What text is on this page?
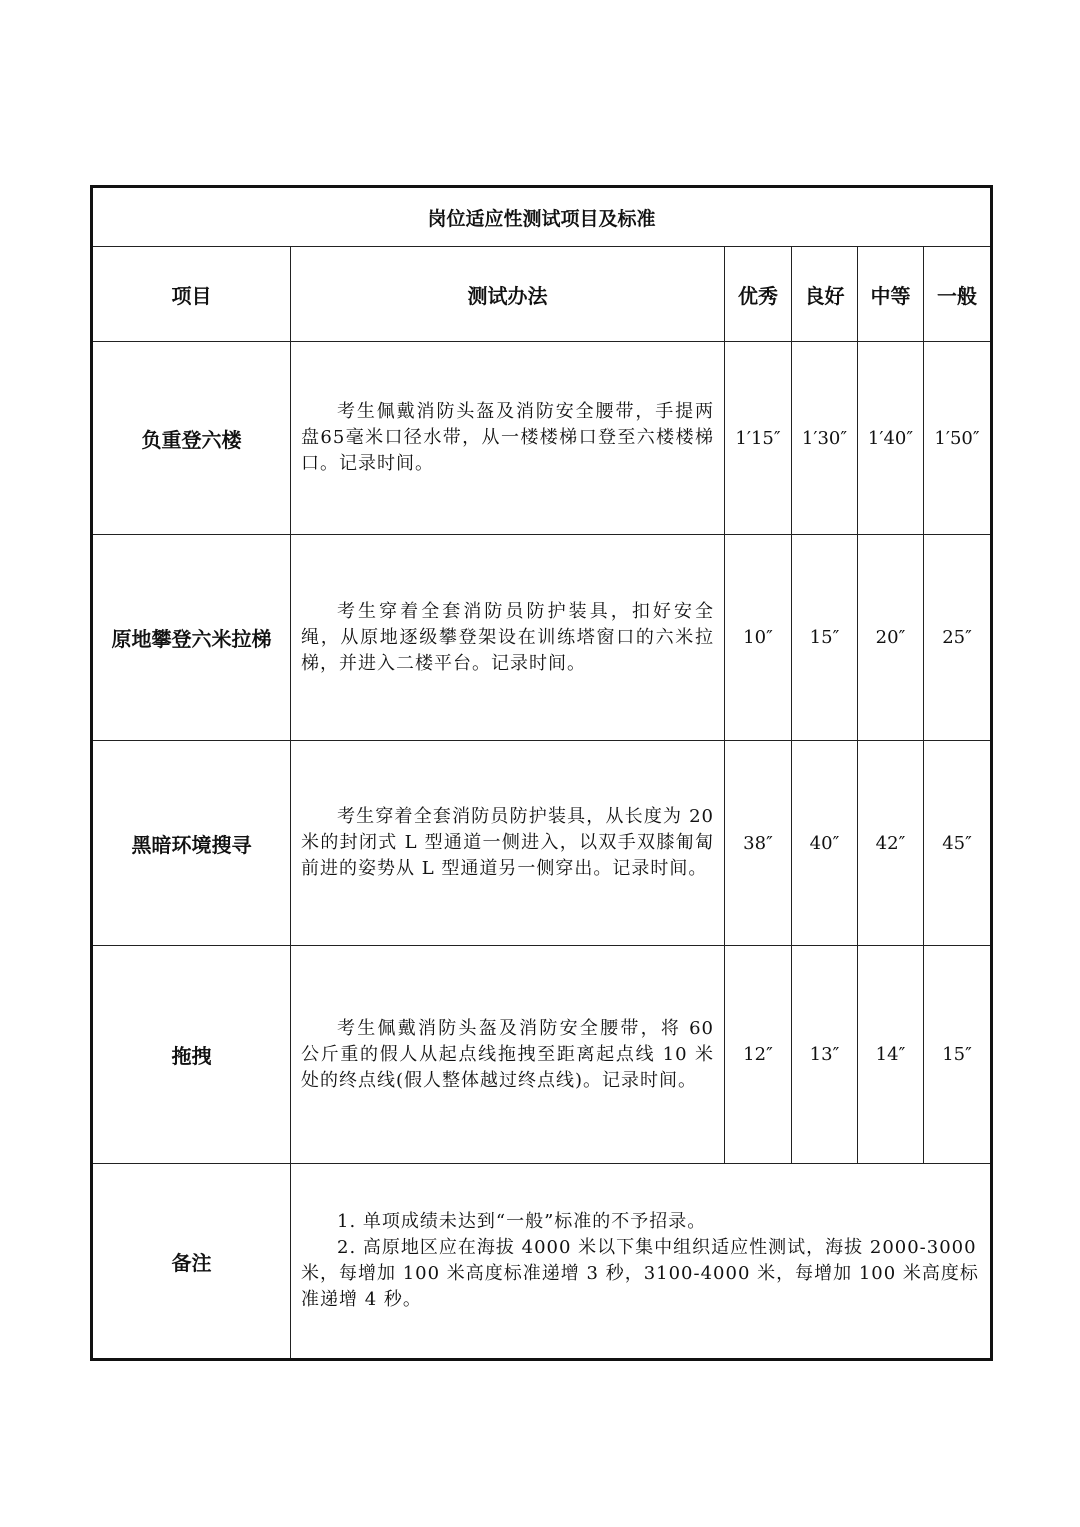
岗位适应性测试项目及标准					
项目	测试办法	优秀	良好	中等	一般
负重登六楼	考生佩戴消防头盔及消防安全腰带，手提两盘65毫米口径水带，从一楼楼梯口登至六楼楼梯口。记录时间。	1′15″	1′30″	1′40″	1′50″
原地攀登六米拉梯	考生穿着全套消防员防护装具，扣好安全绳，从原地逐级攀登架设在训练塔窗口的六米拉梯，并进入二楼平台。记录时间。	10″	15″	20″	25″
黑暗环境搜寻	考生穿着全套消防员防护装具，从长度为 20 米的封闭式 L 型通道一侧进入，以双手双膝匍匐前进的姿势从 L 型通道另一侧穿出。记录时间。	38″	40″	42″	45″
拖拽	考生佩戴消防头盔及消防安全腰带，将 60 公斤重的假人从起点线拖拽至距离起点线 10 米处的终点线(假人整体越过终点线)。记录时间。	12″	13″	14″	15″
备注	1. 单项成绩未达到“一般”标准的不予招录。
2. 高原地区应在海拔 4000 米以下集中组织适应性测试，海拔 2000-3000 米，每增加 100 米高度标准递增 3 秒，3100-4000 米，每增加 100 米高度标准递增 4 秒。				
